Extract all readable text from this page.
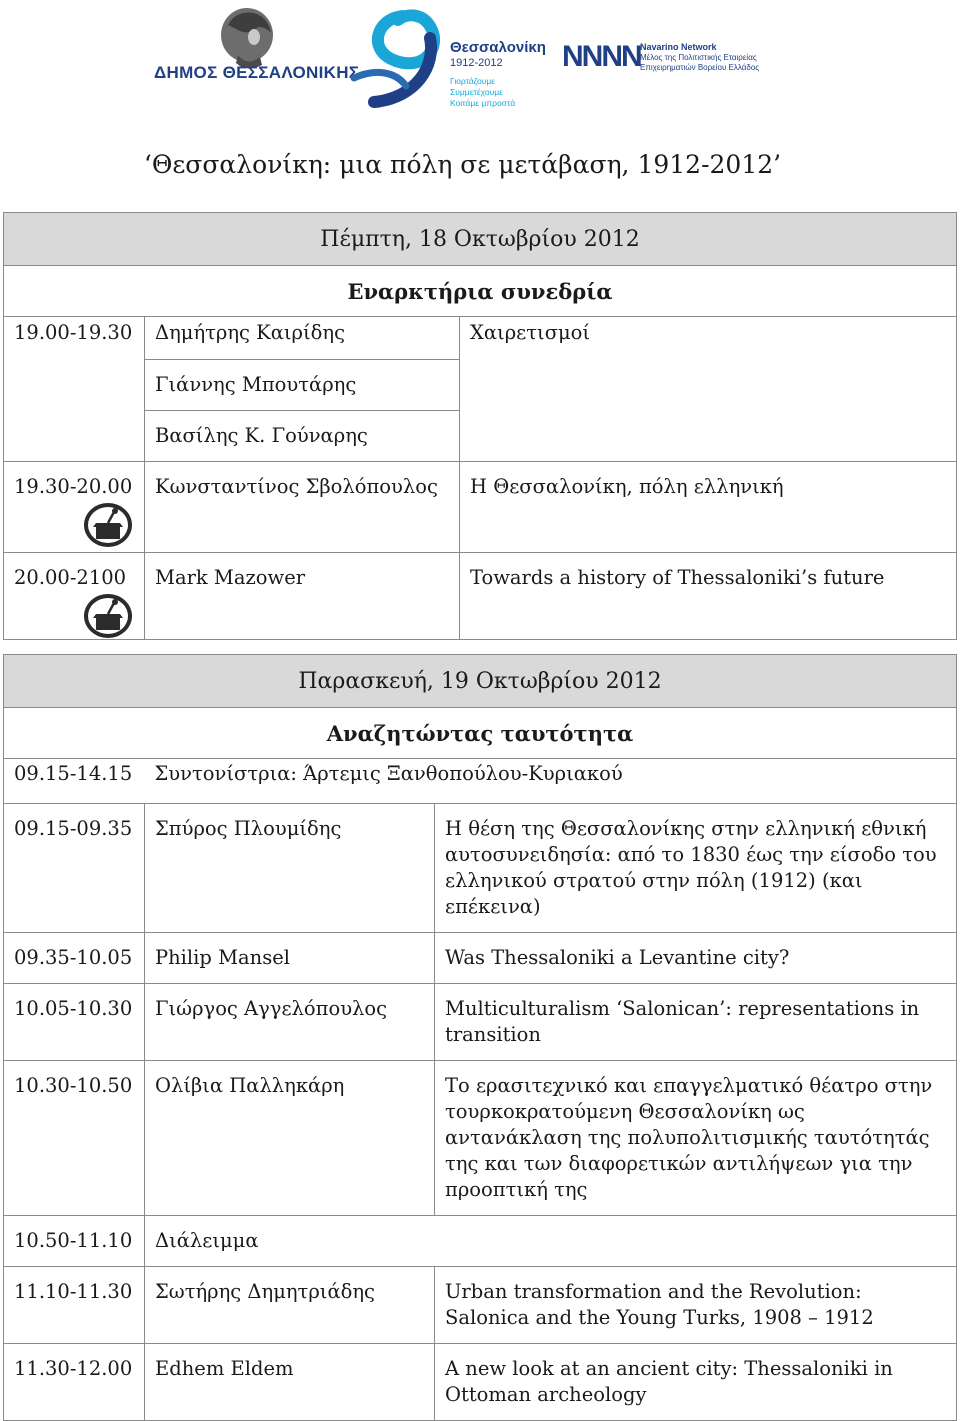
ΔΗΜΟΣ ΘΕΣΣΑΛΟΝΙΚΗΣ
Θεσσαλονίκη
1912-2012
Γιορτάζουμε
Συμμετέχουμε
Κοιτάμε μπροστά
NNNN Navarino Network
Μέλος της Πολιτιστικής Εταιρείας
Επιχειρηματιών Βορείου Ελλάδος
‘Θεσσαλονίκη: μια πόλη σε μετάβαση, 1912-2012’
Πέμπτη, 18 Οκτωβρίου 2012		
Εναρκτήρια συνεδρία		
19.00-19.30	Δημήτρης Καιρίδης	Χαιρετισμοί
	Γιάννης Μπουτάρης	
	Βασίλης Κ. Γούναρης	
19.30-20.00	Κωνσταντίνος Σβολόπουλος	Η Θεσσαλονίκη, πόλη ελληνική
20.00-2100	Mark Mazower	Towards a history of Thessaloniki’s future
Παρασκευή, 19 Οκτωβρίου 2012		
Αναζητώντας ταυτότητα		
09.15-14.15	Συντονίστρια: Άρτεμις Ξανθοπούλου-Κυριακού	
09.15-09.35	Σπύρος Πλουμίδης	Η θέση της Θεσσαλονίκης στην ελληνική εθνική αυτοσυνειδησία: από το 1830 έως την είσοδο του ελληνικού στρατού στην πόλη (1912) (και επέκεινα)
09.35-10.05	Philip Mansel	Was Thessaloniki a Levantine city?
10.05-10.30	Γιώργος Αγγελόπουλος	Multiculturalism ‘Salonican’: representations in transition
10.30-10.50	Ολίβια Παλληκάρη	Το ερασιτεχνικό και επαγγελματικό θέατρο στην τουρκοκρατούμενη Θεσσαλονίκη ως αντανάκλαση της πολυπολιτισμικής ταυτότητάς της και των διαφορετικών αντιλήψεων για την προοπτική της
10.50-11.10	Διάλειμμα	
11.10-11.30	Σωτήρης Δημητριάδης	Urban transformation and the Revolution: Salonica and the Young Turks, 1908 – 1912
11.30-12.00	Edhem Eldem	A new look at an ancient city: Thessaloniki in Ottoman archeology
